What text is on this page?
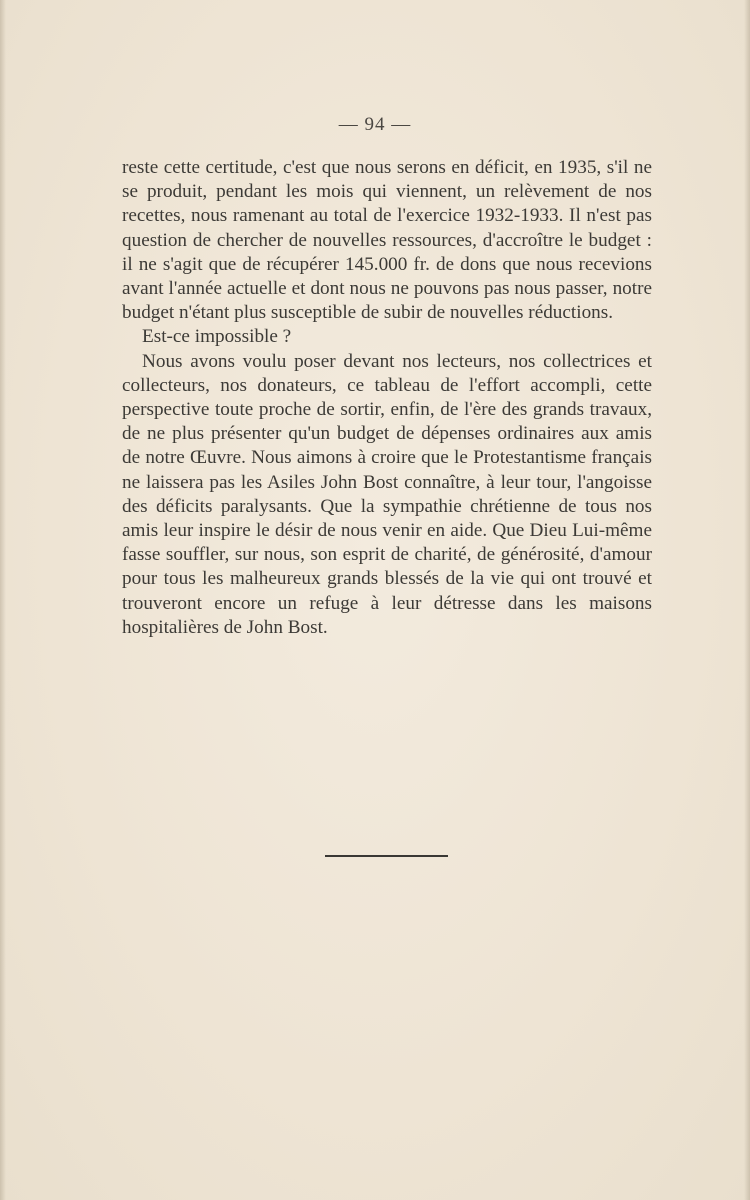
— 94 —

reste cette certitude, c'est que nous serons en déficit, en 1935, s'il ne se produit, pendant les mois qui viennent, un relèvement de nos recettes, nous ramenant au total de l'exercice 1932-1933. Il n'est pas question de chercher de nouvelles ressources, d'accroître le budget : il ne s'agit que de récupérer 145.000 fr. de dons que nous recevions avant l'année actuelle et dont nous ne pouvons pas nous passer, notre budget n'étant plus susceptible de subir de nouvelles réductions.

Est-ce impossible ?

Nous avons voulu poser devant nos lecteurs, nos collectrices et collecteurs, nos donateurs, ce tableau de l'effort accompli, cette perspective toute proche de sortir, enfin, de l'ère des grands travaux, de ne plus présenter qu'un budget de dépenses ordinaires aux amis de notre Œuvre. Nous aimons à croire que le Protestantisme français ne laissera pas les Asiles John Bost connaître, à leur tour, l'angoisse des déficits paralysants. Que la sympathie chrétienne de tous nos amis leur inspire le désir de nous venir en aide. Que Dieu Lui-même fasse souffler, sur nous, son esprit de charité, de générosité, d'amour pour tous les malheureux grands blessés de la vie qui ont trouvé et trouveront encore un refuge à leur détresse dans les maisons hospitalières de John Bost.
